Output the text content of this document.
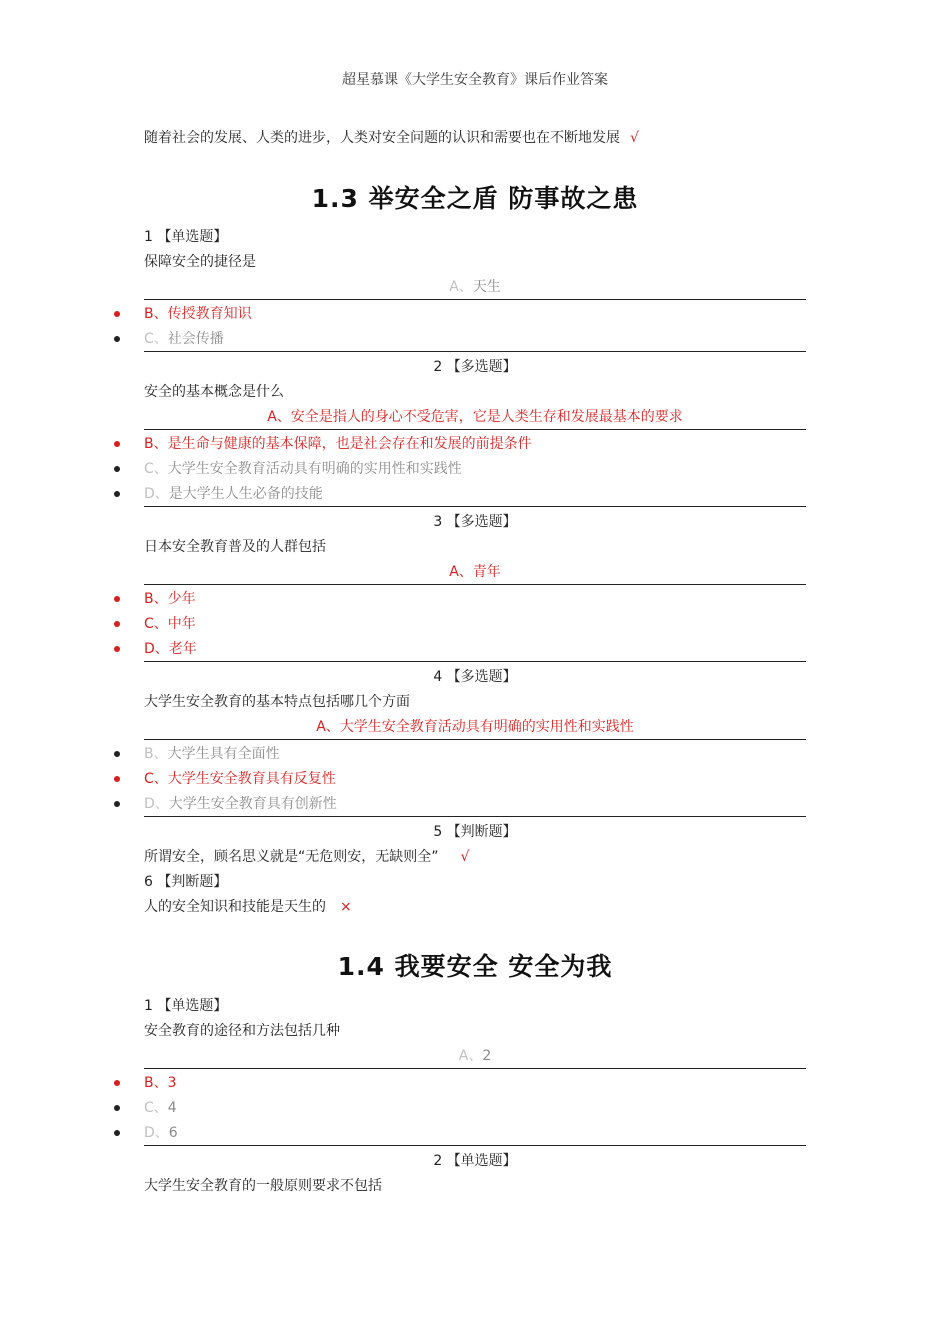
超星慕课《大学生安全教育》课后作业答案
随着社会的发展、人类的进步，人类对安全问题的认识和需要也在不断地发展 √
1.3 举安全之盾 防事故之患
1 【单选题】
保障安全的捷径是
A、天生
B、传授教育知识
C、社会传播
2 【多选题】
安全的基本概念是什么
A、安全是指人的身心不受危害，它是人类生存和发展最基本的要求
B、是生命与健康的基本保障，也是社会存在和发展的前提条件
C、大学生安全教育活动具有明确的实用性和实践性
D、是大学生人生必备的技能
3 【多选题】
日本安全教育普及的人群包括
A、青年
B、少年
C、中年
D、老年
4 【多选题】
大学生安全教育的基本特点包括哪几个方面
A、大学生安全教育活动具有明确的实用性和实践性
B、大学生具有全面性
C、大学生安全教育具有反复性
D、大学生安全教育具有创新性
5 【判断题】
所谓安全，顾名思义就是“无危则安，无缺则全” √
6 【判断题】
人的安全知识和技能是天生的 ×
1.4 我要安全 安全为我
1 【单选题】
安全教育的途径和方法包括几种
A、2
B、3
C、4
D、6
2 【单选题】
大学生安全教育的一般原则要求不包括
